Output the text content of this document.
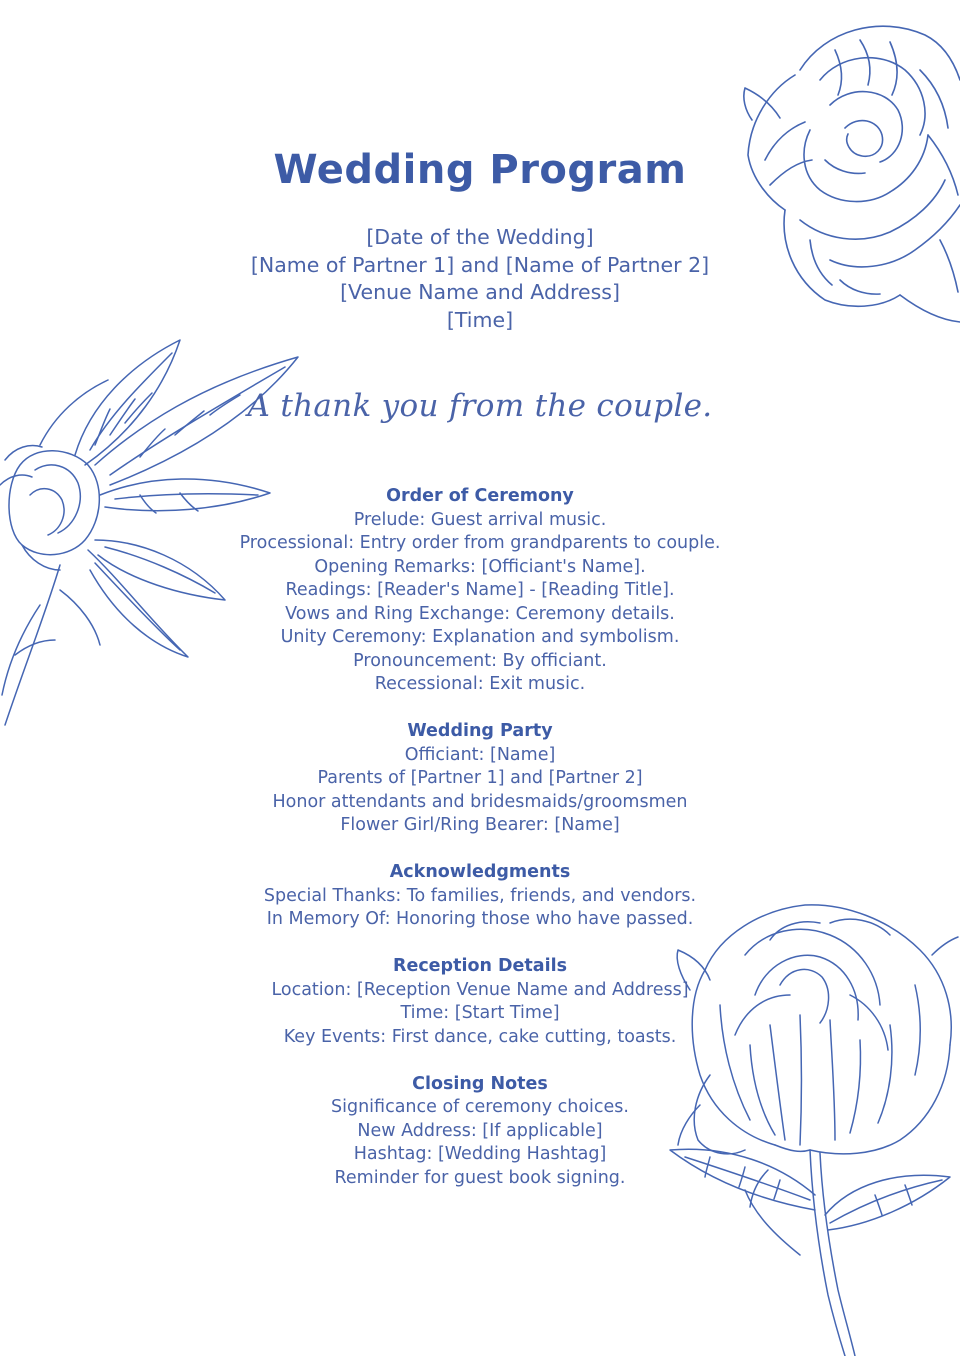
Wedding Program
[Date of the Wedding]
[Name of Partner 1] and [Name of Partner 2]
[Venue Name and Address]
[Time]
A thank you from the couple.
Order of Ceremony
Prelude: Guest arrival music.
Processional: Entry order from grandparents to couple.
Opening Remarks: [Officiant's Name].
Readings: [Reader's Name] - [Reading Title].
Vows and Ring Exchange: Ceremony details.
Unity Ceremony: Explanation and symbolism.
Pronouncement: By officiant.
Recessional: Exit music.
Wedding Party
Officiant: [Name]
Parents of [Partner 1] and [Partner 2]
Honor attendants and bridesmaids/groomsmen
Flower Girl/Ring Bearer: [Name]
Acknowledgments
Special Thanks: To families, friends, and vendors.
In Memory Of: Honoring those who have passed.
Reception Details
Location: [Reception Venue Name and Address]
Time: [Start Time]
Key Events: First dance, cake cutting, toasts.
Closing Notes
Significance of ceremony choices.
New Address: [If applicable]
Hashtag: [Wedding Hashtag]
Reminder for guest book signing.
